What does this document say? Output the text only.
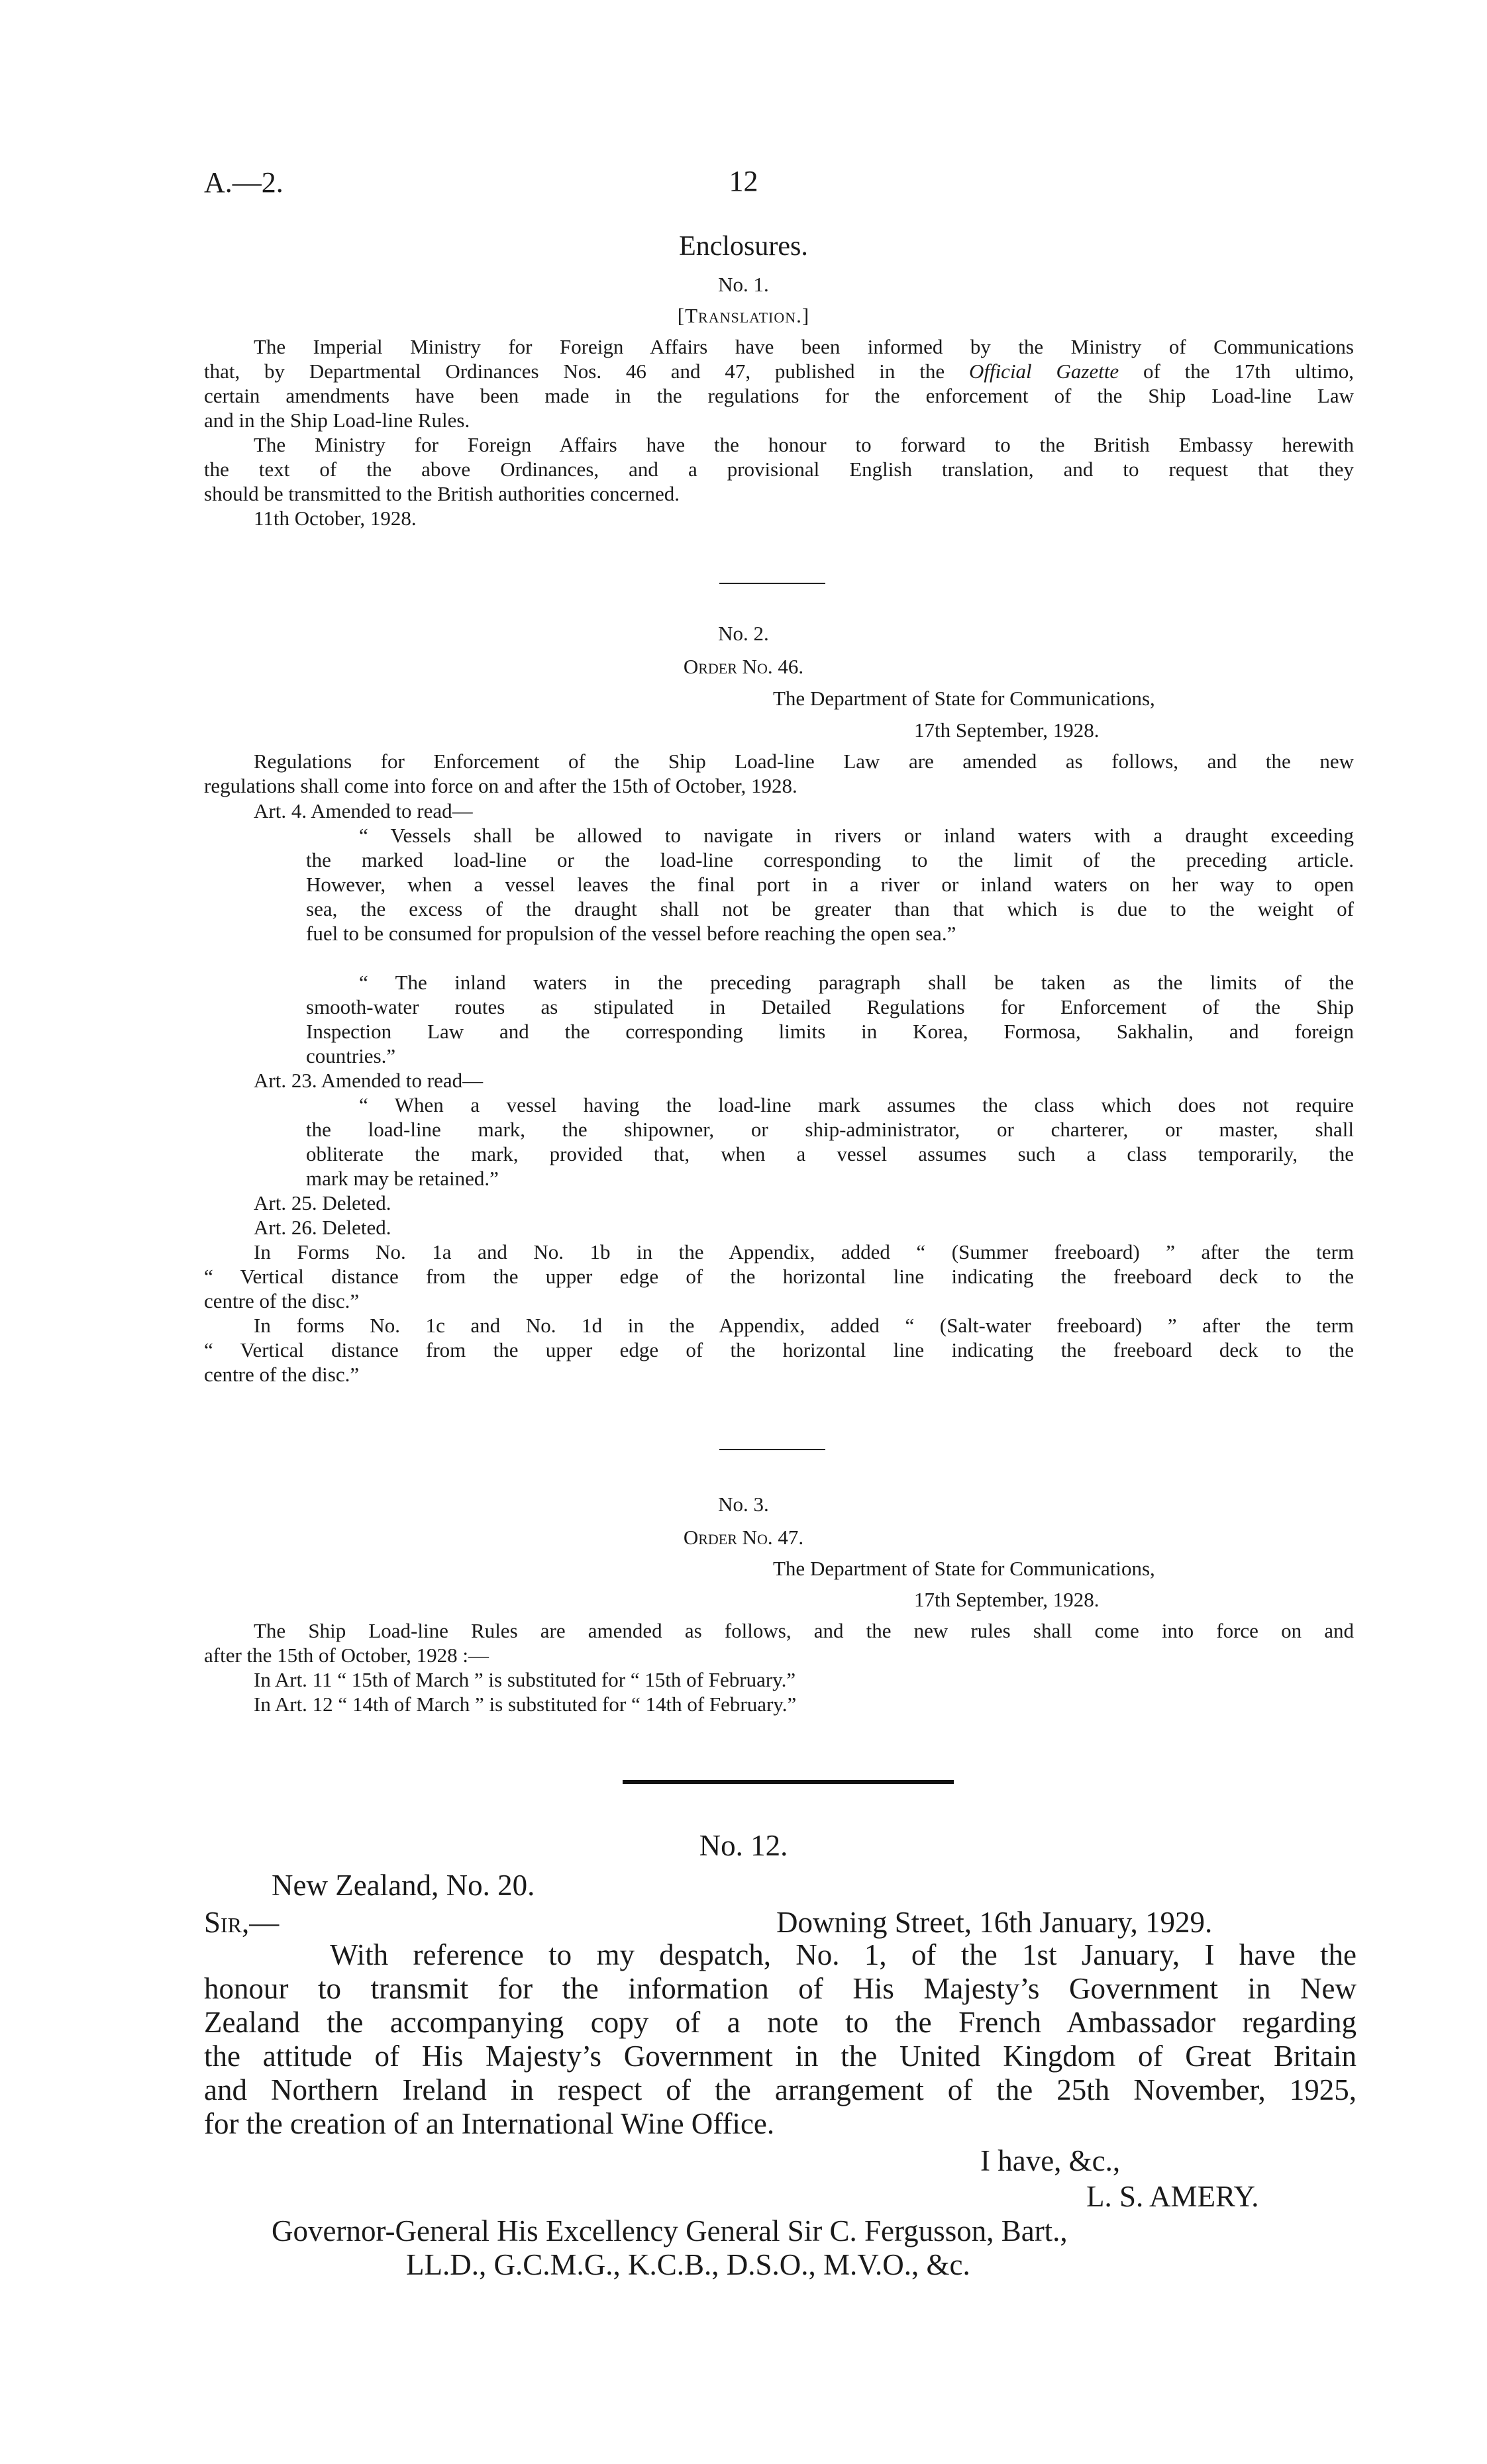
A.—2.	12
Enclosures.
No. 1.
[Translation.]

The Imperial Ministry for Foreign Affairs have been informed by the Ministry of Communications

that, by Departmental Ordinances Nos. 46 and 47, published in the Official Gazette of the 17th ultimo,

certain amendments have been made in the regulations for the enforcement of the Ship Load-line Law

and in the Ship Load-line Rules.

The Ministry for Foreign Affairs have the honour to forward to the British Embassy herewith

the text of the above Ordinances, and a provisional English translation, and to request that they

should be transmitted to the British authorities concerned.

11th October, 1928.
No. 2.
Order No. 46.
The Department of State for Communications,
17th September, 1928.

Regulations for Enforcement of the Ship Load-line Law are amended as follows, and the new

regulations shall come into force on and after the 15th of October, 1928.

Art. 4. Amended to read—

“ Vessels shall be allowed to navigate in rivers or inland waters with a draught exceeding

the marked load-line or the load-line corresponding to the limit of the preceding article.

However, when a vessel leaves the final port in a river or inland waters on her way to open

sea, the excess of the draught shall not be greater than that which is due to the weight of

fuel to be consumed for propulsion of the vessel before reaching the open sea.”

“ The inland waters in the preceding paragraph shall be taken as the limits of the

smooth-water routes as stipulated in Detailed Regulations for Enforcement of the Ship

Inspection Law and the corresponding limits in Korea, Formosa, Sakhalin, and foreign

countries.”

Art. 23. Amended to read—

“ When a vessel having the load-line mark assumes the class which does not require

the load-line mark, the shipowner, or ship-administrator, or charterer, or master, shall

obliterate the mark, provided that, when a vessel assumes such a class temporarily, the

mark may be retained.”

Art. 25. Deleted.
Art. 26. Deleted.

In Forms No. 1a and No. 1b in the Appendix, added “ (Summer freeboard) ” after the term

“ Vertical distance from the upper edge of the horizontal line indicating the freeboard deck to the

centre of the disc.”

In forms No. 1c and No. 1d in the Appendix, added “ (Salt-water freeboard) ” after the term

“ Vertical distance from the upper edge of the horizontal line indicating the freeboard deck to the

centre of the disc.”

No. 3.
Order No. 47.
The Department of State for Communications,
17th September, 1928.

The Ship Load-line Rules are amended as follows, and the new rules shall come into force on and

after the 15th of October, 1928 :—

In Art. 11 “ 15th of March ” is substituted for “ 15th of February.”
In Art. 12 “ 14th of March ” is substituted for “ 14th of February.”
No. 12.
New Zealand, No. 20.
Sir,—	Downing Street, 16th January, 1929.

With reference to my despatch, No. 1, of the 1st January, I have the

honour to transmit for the information of His Majesty’s Government in New

Zealand the accompanying copy of a note to the French Ambassador regarding

the attitude of His Majesty’s Government in the United Kingdom of Great Britain

and Northern Ireland in respect of the arrangement of the 25th November, 1925,

for the creation of an International Wine Office.

I have, &c.,
L. S. AMERY.
Governor-General His Excellency General Sir C. Fergusson, Bart.,
LL.D., G.C.M.G., K.C.B., D.S.O., M.V.O., &c.
